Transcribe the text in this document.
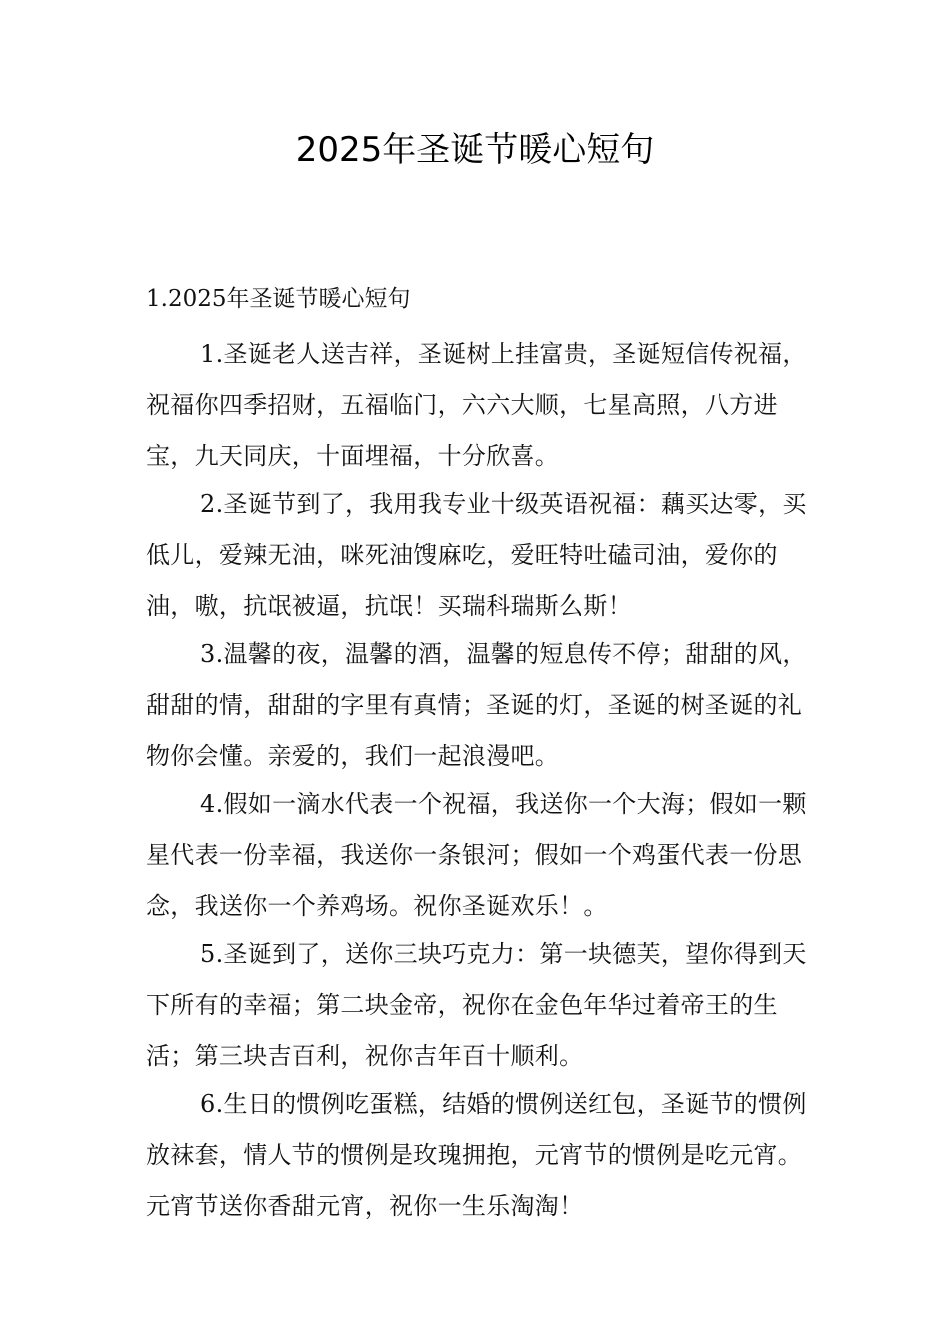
2025年圣诞节暖心短句
1.2025年圣诞节暖心短句

1.圣诞老人送吉祥，圣诞树上挂富贵，圣诞短信传祝福，祝福你四季招财，五福临门，六六大顺，七星高照，八方进宝，九天同庆，十面埋福，十分欣喜。

2.圣诞节到了，我用我专业十级英语祝福：藕买达零，买低儿，爱辣无油，咪死油馊麻吃，爱旺特吐磕司油，爱你的油，嗷，抗氓被逼，抗氓！买瑞科瑞斯么斯！

3.温馨的夜，温馨的酒，温馨的短息传不停；甜甜的风，甜甜的情，甜甜的字里有真情；圣诞的灯，圣诞的树圣诞的礼物你会懂。亲爱的，我们一起浪漫吧。

4.假如一滴水代表一个祝福，我送你一个大海；假如一颗星代表一份幸福，我送你一条银河；假如一个鸡蛋代表一份思念，我送你一个养鸡场。祝你圣诞欢乐！。

5.圣诞到了，送你三块巧克力：第一块德芙，望你得到天下所有的幸福；第二块金帝，祝你在金色年华过着帝王的生活；第三块吉百利，祝你吉年百十顺利。

6.生日的惯例吃蛋糕，结婚的惯例送红包，圣诞节的惯例放袜套，情人节的惯例是玫瑰拥抱，元宵节的惯例是吃元宵。元宵节送你香甜元宵，祝你一生乐淘淘！
